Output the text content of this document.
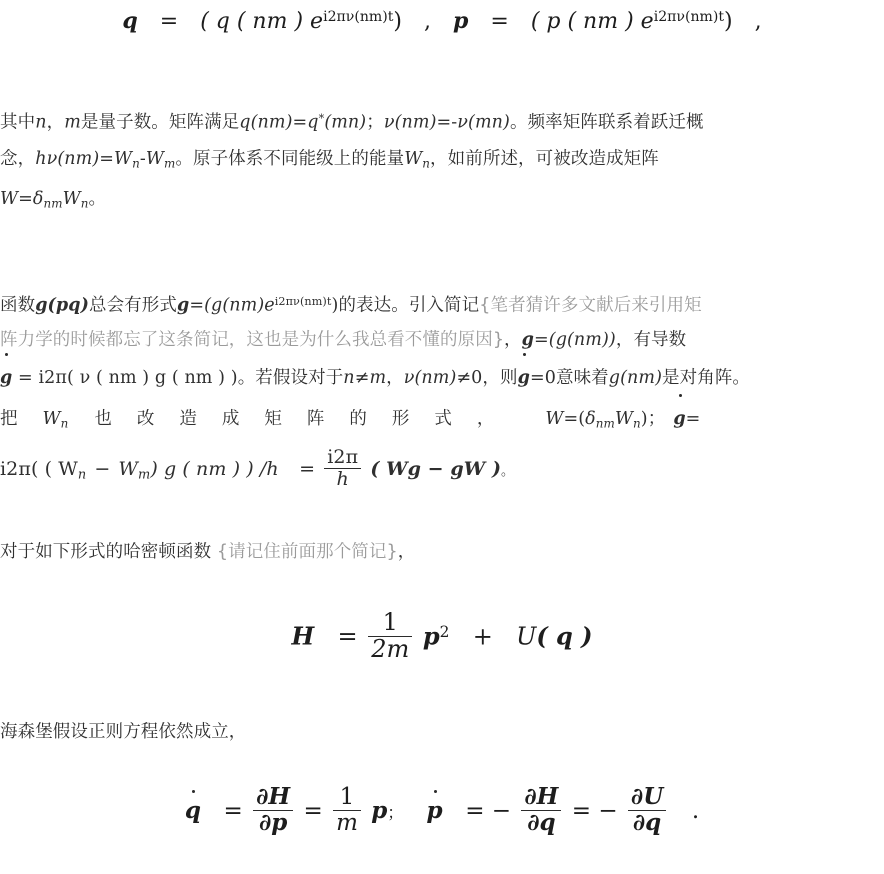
q = ( q ( nm ) $e^{i2\pi\nu(nm)t}$) , p = ( p ( nm ) $e^{i2\pi\nu(nm)t}$) ,
其中n，m是量子数。矩阵满足q(nm)=q*(mn)；ν(nm)=-ν(mn)。频率矩阵联系着跃迁概
念，$h\nu(nm)=W_n-W_m$。原子体系不同能级上的能量$W_n$，如前所述，可被改造成矩阵
$W=\delta_{nm}W_n$。
函数g(pq)总会有形式$g=(g(nm)e^{i2\pi\nu(nm)t})$的表达。引入简记{笔者猜许多文献后来引用矩
阵力学的时候都忘了这条简记，这也是为什么我总看不懂的原因}，g=(g(nm))，有导数
g = i2π( ν ( nm ) g ( nm ) )。若假设对于n≠m，ν(nm)≠0，则g=0意味着g(nm)是对角阵。
把$W_n$ 也改造成矩阵的形式， $W=(\delta_{nm}W_n)$； g=
i2π( ( $W_n - W_m$) g ( nm ) ) $/h = \frac{i2\pi}{h}$ ( Wg − gW )。
对于如下形式的哈密顿函数 {请记住前面那个简记}，
$H = \frac{1}{2m} p^2 + U$( q )
海森堡假设正则方程依然成立，
$q = \frac{\partial H}{\partial p} = \frac{1}{m}$ p； p = − $\frac{\partial H}{\partial q}$ = − $\frac{\partial U}{\partial q}$ .
